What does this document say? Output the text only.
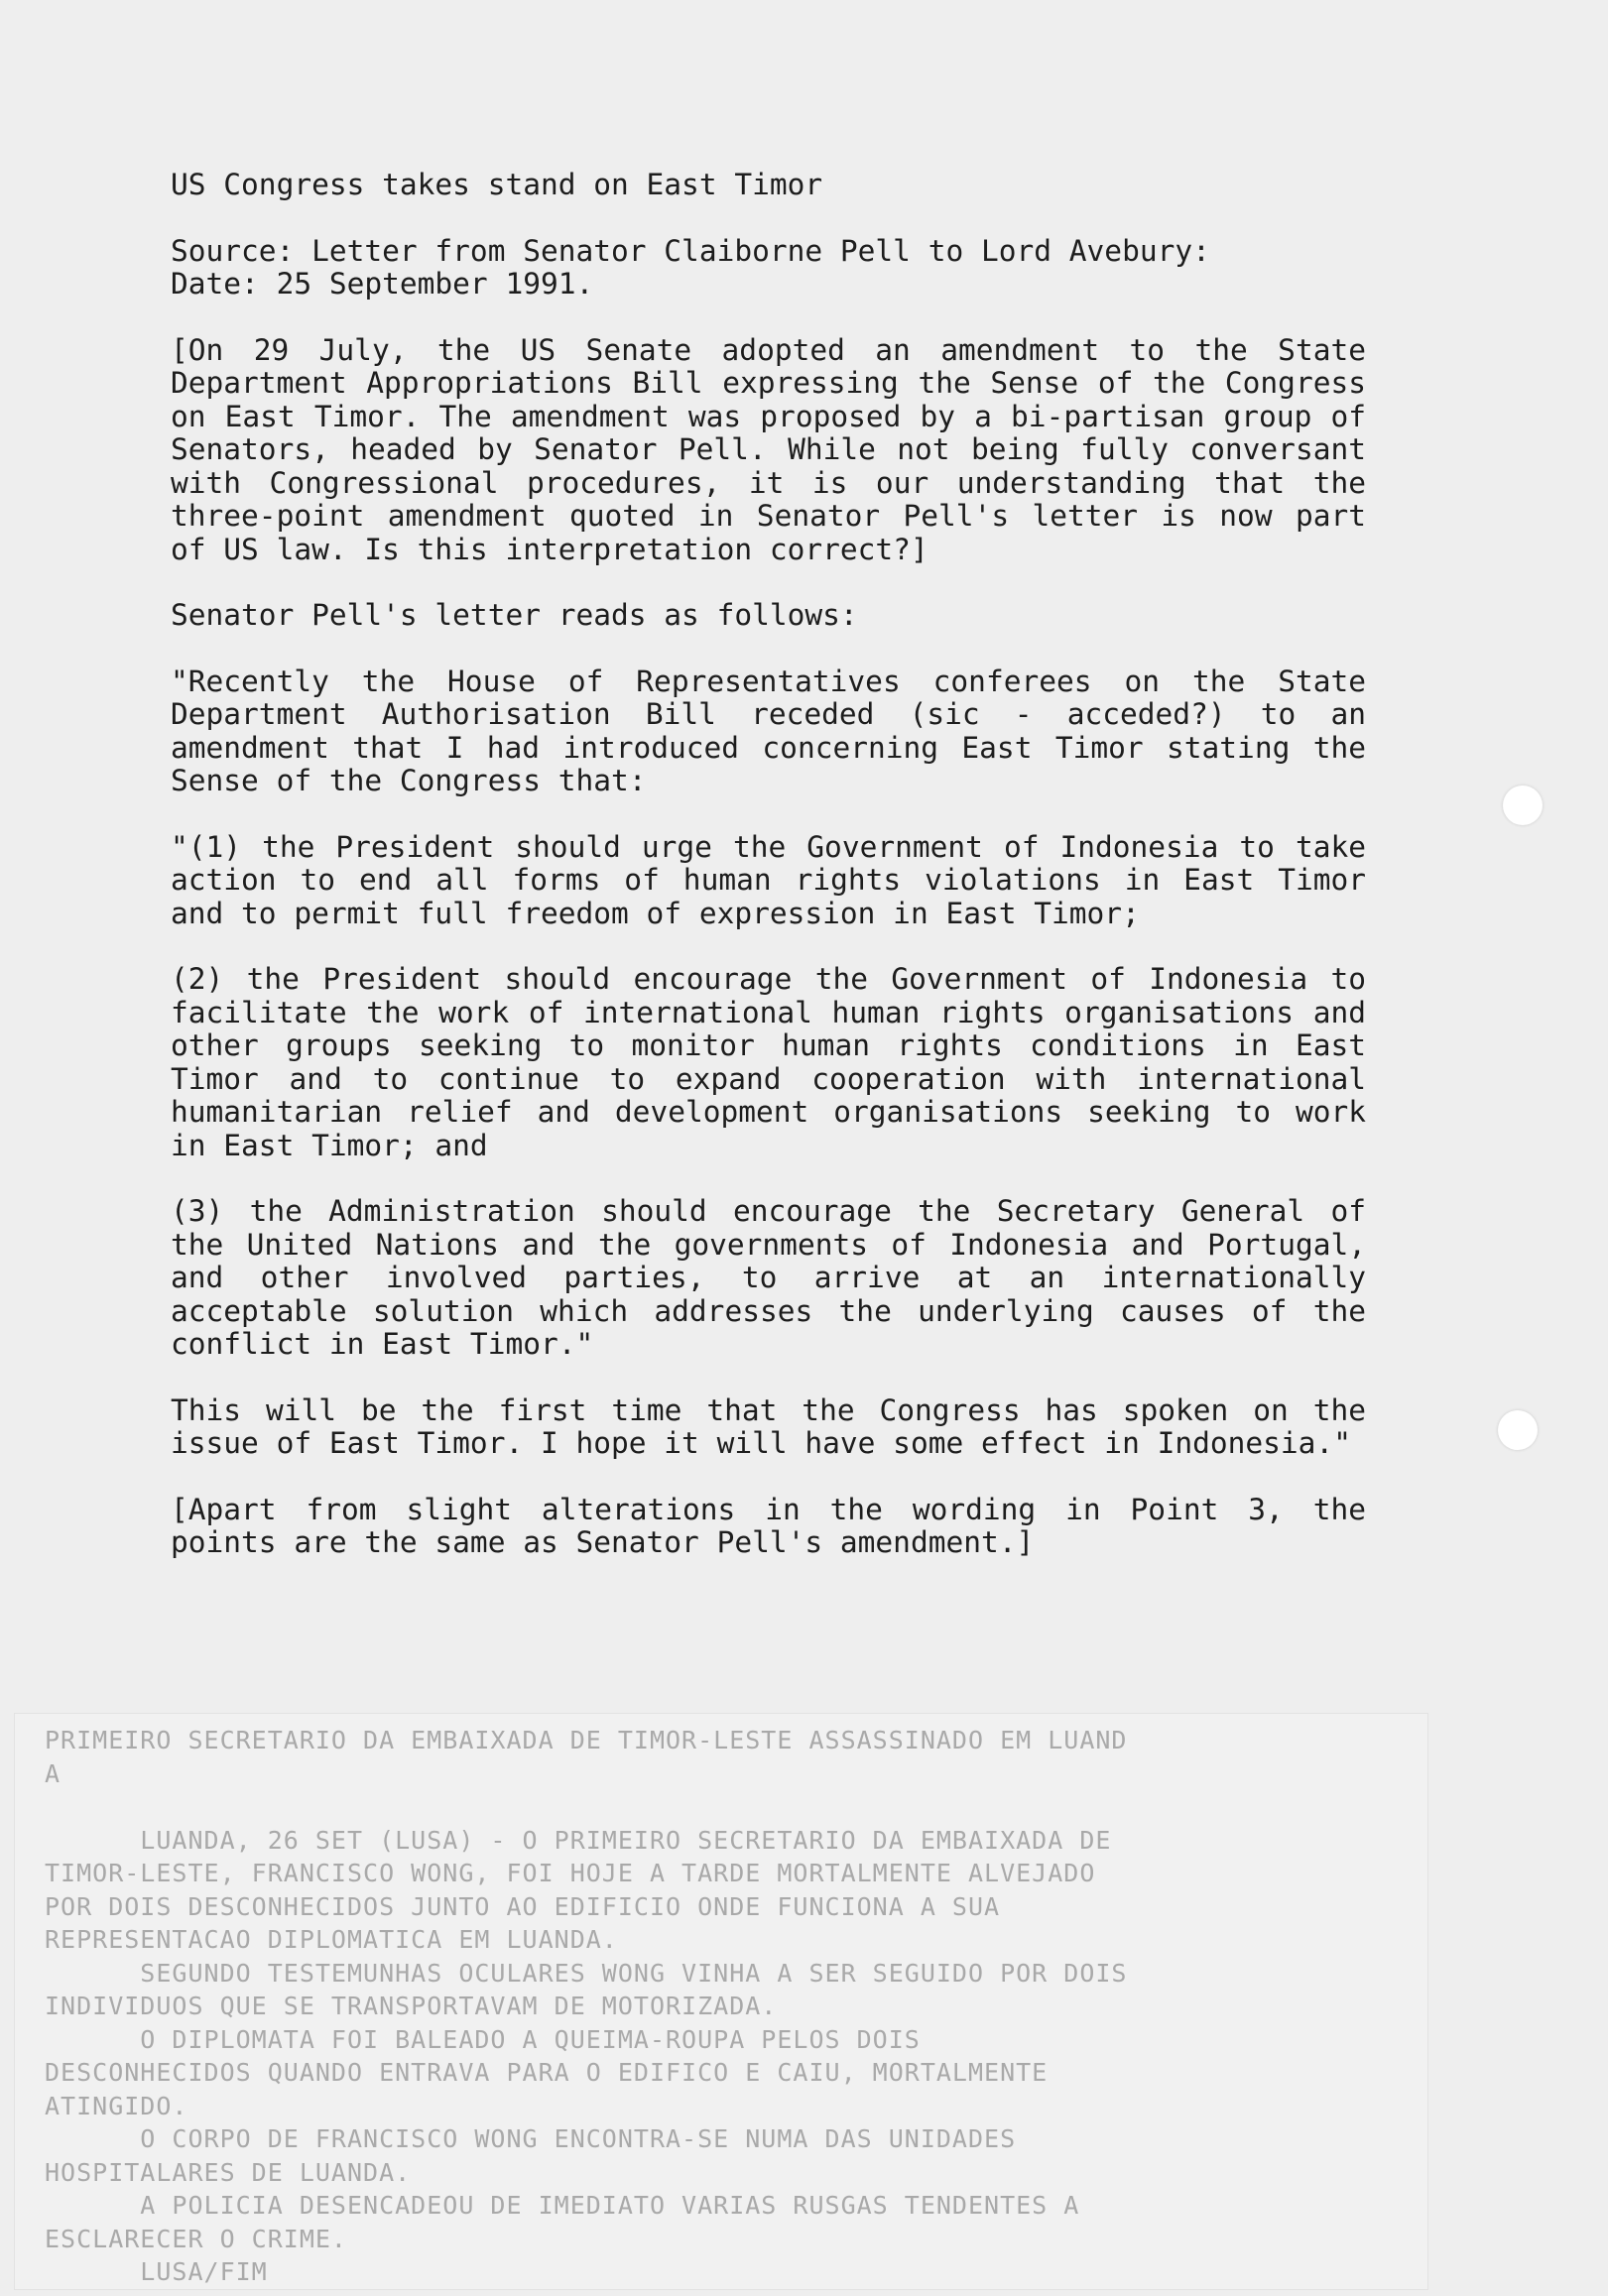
US Congress takes stand on East Timor

Source: Letter from Senator Claiborne Pell to Lord Avebury:

Date: 25 September 1991.

[On 29 July, the US Senate adopted an amendment to the State Department Appropriations Bill expressing the Sense of the Congress on East Timor. The amendment was proposed by a bi-partisan group of Senators, headed by Senator Pell. While not being fully conversant with Congressional procedures, it is our understanding that the three-point amendment quoted in Senator Pell's letter is now part of US law. Is this interpretation correct?]

Senator Pell's letter reads as follows:

"Recently the House of Representatives conferees on the State Department Authorisation Bill receded (sic - acceded?) to an amendment that I had introduced concerning East Timor stating the Sense of the Congress that:

"(1) the President should urge the Government of Indonesia to take action to end all forms of human rights violations in East Timor and to permit full freedom of expression in East Timor;

(2) the President should encourage the Government of Indonesia to facilitate the work of international human rights organisations and other groups seeking to monitor human rights conditions in East Timor and to continue to expand cooperation with international humanitarian relief and development organisations seeking to work in East Timor; and

(3) the Administration should encourage the Secretary General of the United Nations and the governments of Indonesia and Portugal, and other involved parties, to arrive at an internationally acceptable solution which addresses the underlying causes of the conflict in East Timor."

This will be the first time that the Congress has spoken on the issue of East Timor. I hope it will have some effect in Indonesia."

[Apart from slight alterations in the wording in Point 3, the points are the same as Senator Pell's amendment.]

PRIMEIRO SECRETARIO DA EMBAIXADA DE TIMOR-LESTE ASSASSINADO EM LUAND
A
LUANDA, 26 SET (LUSA) - O PRIMEIRO SECRETARIO DA EMBAIXADA DE
TIMOR-LESTE, FRANCISCO WONG, FOI HOJE A TARDE MORTALMENTE ALVEJADO
POR DOIS DESCONHECIDOS JUNTO AO EDIFICIO ONDE FUNCIONA A SUA
REPRESENTACAO DIPLOMATICA EM LUANDA.
SEGUNDO TESTEMUNHAS OCULARES WONG VINHA A SER SEGUIDO POR DOIS
INDIVIDUOS QUE SE TRANSPORTAVAM DE MOTORIZADA.
O DIPLOMATA FOI BALEADO A QUEIMA-ROUPA PELOS DOIS
DESCONHECIDOS QUANDO ENTRAVA PARA O EDIFICO E CAIU, MORTALMENTE
ATINGIDO.
O CORPO DE FRANCISCO WONG ENCONTRA-SE NUMA DAS UNIDADES
HOSPITALARES DE LUANDA.
A POLICIA DESENCADEOU DE IMEDIATO VARIAS RUSGAS TENDENTES A
ESCLARECER O CRIME.
LUSA/FIM
